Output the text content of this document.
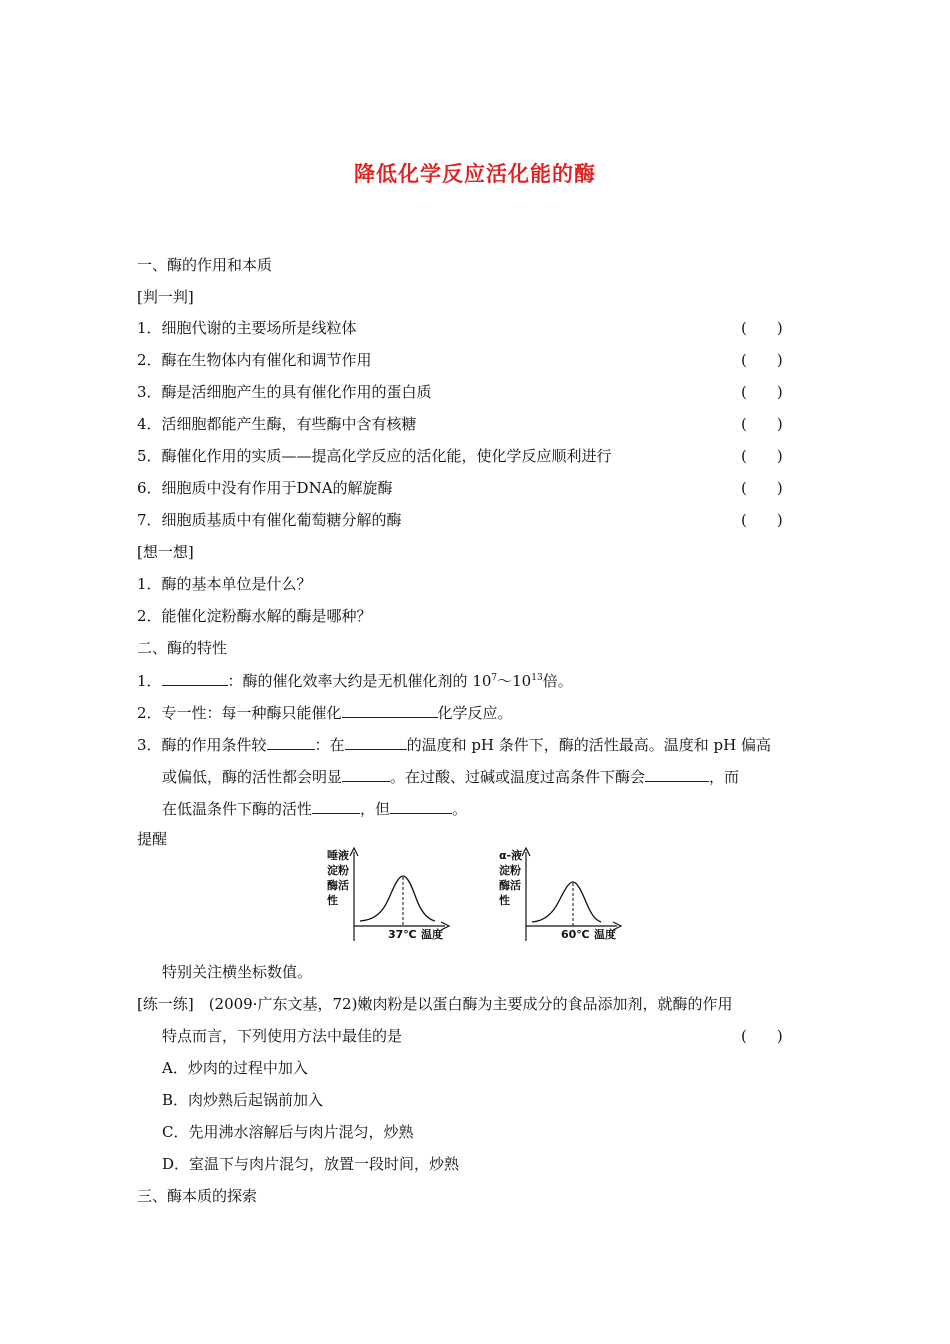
降低化学反应活化能的酶
一、酶的作用和本质
[判一判]
1．细胞代谢的主要场所是线粒体	(　　)
2．酶在生物体内有催化和调节作用	(　　)
3．酶是活细胞产生的具有催化作用的蛋白质	(　　)
4．活细胞都能产生酶，有些酶中含有核糖	(　　)
5．酶催化作用的实质——提高化学反应的活化能，使化学反应顺利进行	(　　)
6．细胞质中没有作用于DNA的解旋酶	(　　)
7．细胞质基质中有催化葡萄糖分解的酶	(　　)
[想一想]
1．酶的基本单位是什么？
2．能催化淀粉酶水解的酶是哪种？
二、酶的特性
1．	：酶的催化效率大约是无机催化剂的 $10^7\sim 10^{13}$倍。
2．专一性：每一种酶只能催化	化学反应。
3．酶的作用条件较	：在	的温度和 pH 条件下，酶的活性最高。温度和 pH 偏高
或偏低，酶的活性都会明显	。在过酸、过碱或温度过高条件下酶会	，而
在低温条件下酶的活性	，但	。
提醒
唾液
淀粉
酶活
性
37℃ 温度
α-液
淀粉
酶活
性
60℃ 温度
特别关注横坐标数值。
[练一练]　(2009·广东文基，72)嫩肉粉是以蛋白酶为主要成分的食品添加剂，就酶的作用
特点而言，下列使用方法中最佳的是	(　　)
A．炒肉的过程中加入
B．肉炒熟后起锅前加入
C．先用沸水溶解后与肉片混匀，炒熟
D．室温下与肉片混匀，放置一段时间，炒熟
三、酶本质的探索
